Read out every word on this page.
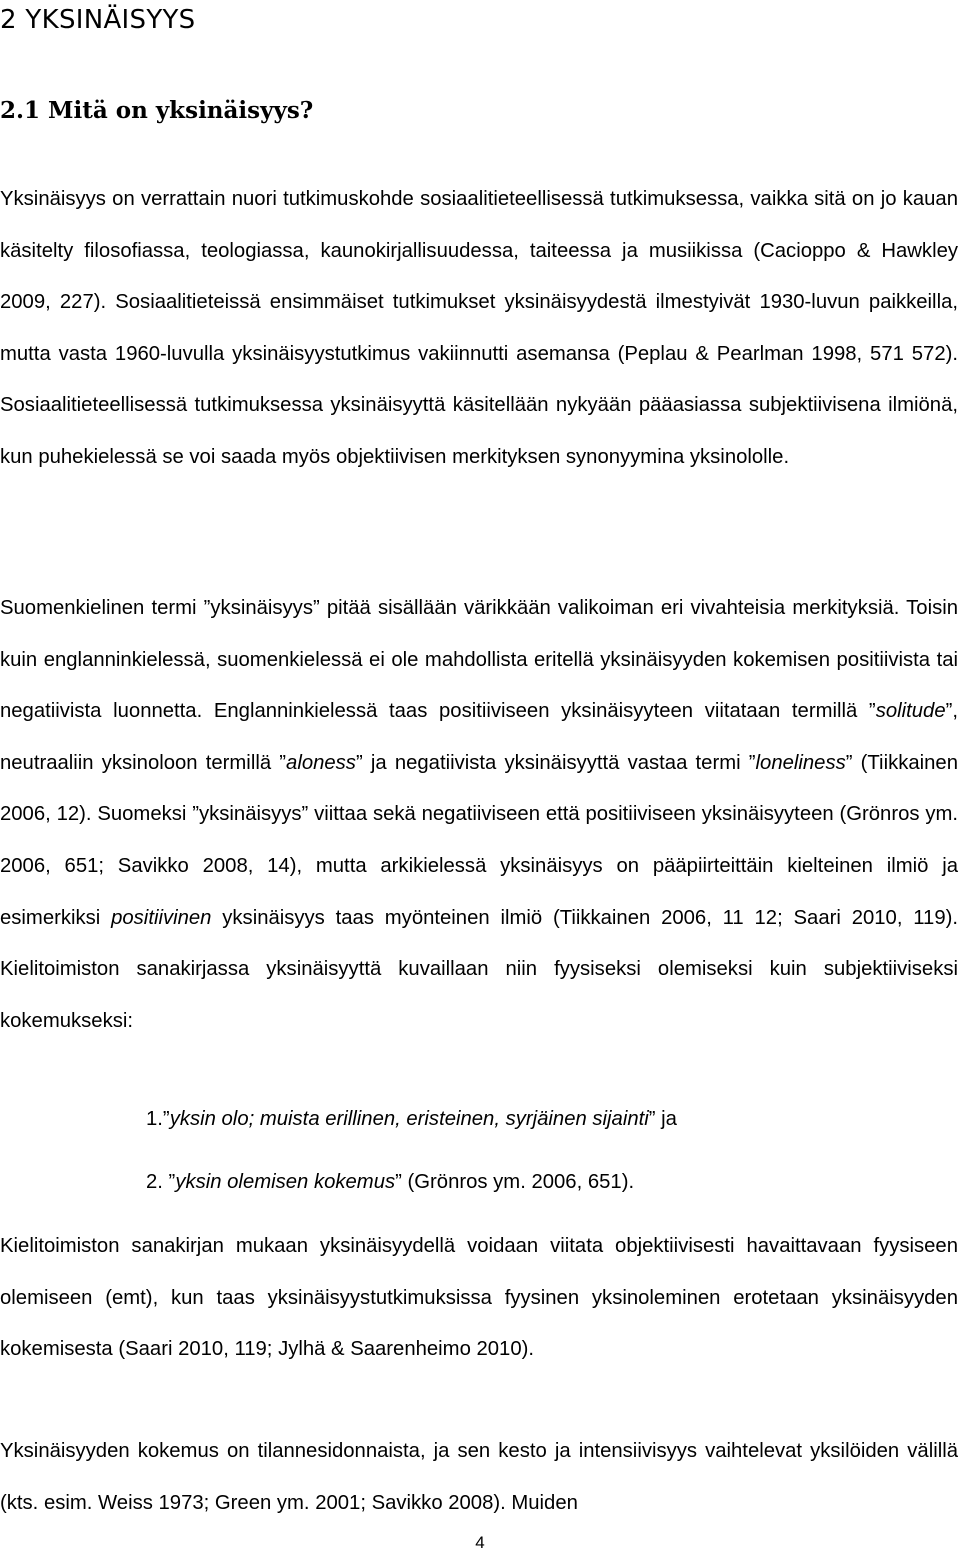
2 YKSINÄISYYS
2.1 Mitä on yksinäisyys?

Yksinäisyys on verrattain nuori tutkimuskohde sosiaalitieteellisessä tutkimuksessa, vaikka sitä on jo kauan käsitelty filosofiassa, teologiassa, kaunokirjallisuudessa, taiteessa ja musiikissa (Cacioppo & Hawkley 2009, 227). Sosiaalitieteissä ensimmäiset tutkimukset yksinäisyydestä ilmestyivät 1930-luvun paikkeilla, mutta vasta 1960-luvulla yksinäisyystutkimus vakiinnutti asemansa (Peplau & Pearlman 1998, 571 572). Sosiaalitieteellisessä tutkimuksessa yksinäisyyttä käsitellään nykyään pääasiassa subjektiivisena ilmiönä, kun puhekielessä se voi saada myös objektiivisen merkityksen synonyymina yksinololle.

Suomenkielinen termi ”yksinäisyys” pitää sisällään värikkään valikoiman eri vivahteisia merkityksiä. Toisin kuin englanninkielessä, suomenkielessä ei ole mahdollista eritellä yksinäisyyden kokemisen positiivista tai negatiivista luonnetta. Englanninkielessä taas positiiviseen yksinäisyyteen viitataan termillä ”solitude”, neutraaliin yksinoloon termillä ”aloness” ja negatiivista yksinäisyyttä vastaa termi ”loneliness” (Tiikkainen 2006, 12). Suomeksi ”yksinäisyys” viittaa sekä negatiiviseen että positiiviseen yksinäisyyteen (Grönros ym. 2006, 651; Savikko 2008, 14), mutta arkikielessä yksinäisyys on pääpiirteittäin kielteinen ilmiö ja esimerkiksi positiivinen yksinäisyys taas myönteinen ilmiö (Tiikkainen 2006, 11 12; Saari 2010, 119). Kielitoimiston sanakirjassa yksinäisyyttä kuvaillaan niin fyysiseksi olemiseksi kuin subjektiiviseksi kokemukseksi:

1.”yksin olo; muista erillinen, eristeinen, syrjäinen sijainti” ja

2. ”yksin olemisen kokemus” (Grönros ym. 2006, 651).

Kielitoimiston sanakirjan mukaan yksinäisyydellä voidaan viitata objektiivisesti havaittavaan fyysiseen olemiseen (emt), kun taas yksinäisyystutkimuksissa fyysinen yksinoleminen erotetaan yksinäisyyden kokemisesta (Saari 2010, 119; Jylhä & Saarenheimo 2010).

Yksinäisyyden kokemus on tilannesidonnaista, ja sen kesto ja intensiivisyys vaihtelevat yksilöiden välillä (kts. esim. Weiss 1973; Green ym. 2001; Savikko 2008). Muiden

4
